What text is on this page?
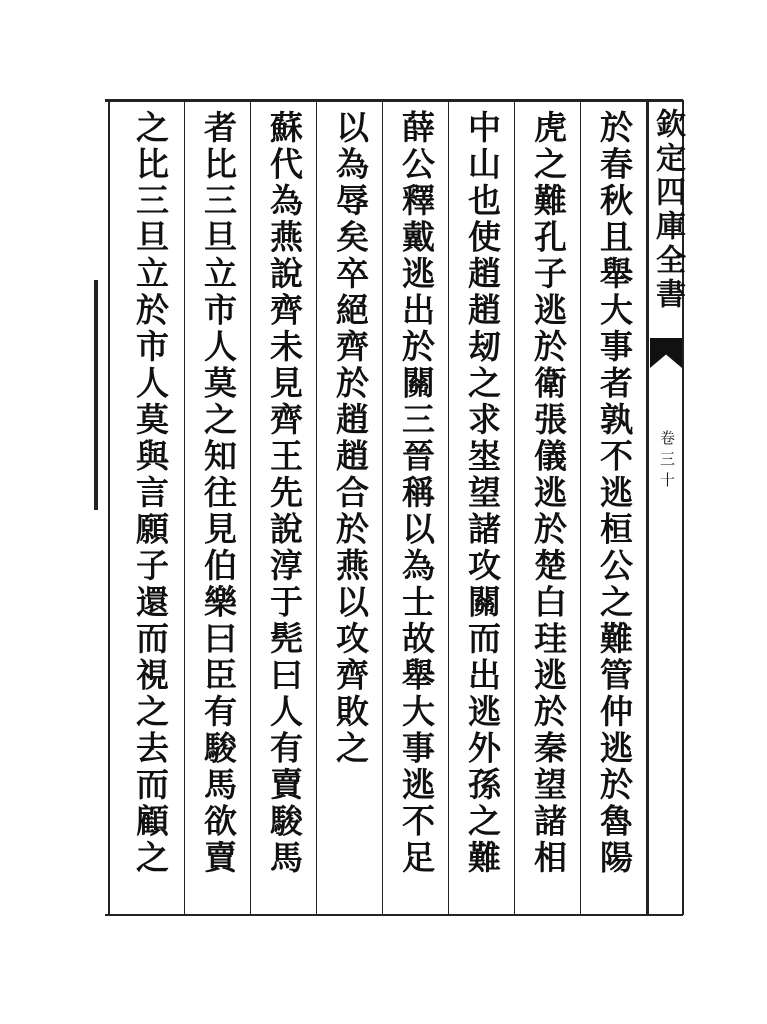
欽定四庫全書
卷三十
於春秋且舉大事者孰不逃桓公之難管仲逃於魯陽
虎之難孔子逃於衛張儀逃於楚白珪逃於秦望諸相
中山也使趙趙刼之求埊望諸攻關而出逃外孫之難
薛公釋戴逃出於關三晉稱以為士故舉大事逃不足
以為辱矣卒絕齊於趙趙合於燕以攻齊敗之
蘇代為燕說齊未見齊王先說淳于髡曰人有賣駿馬
者比三旦立市人莫之知往見伯樂曰臣有駿馬欲賣
之比三旦立於市人莫與言願子還而視之去而顧之
